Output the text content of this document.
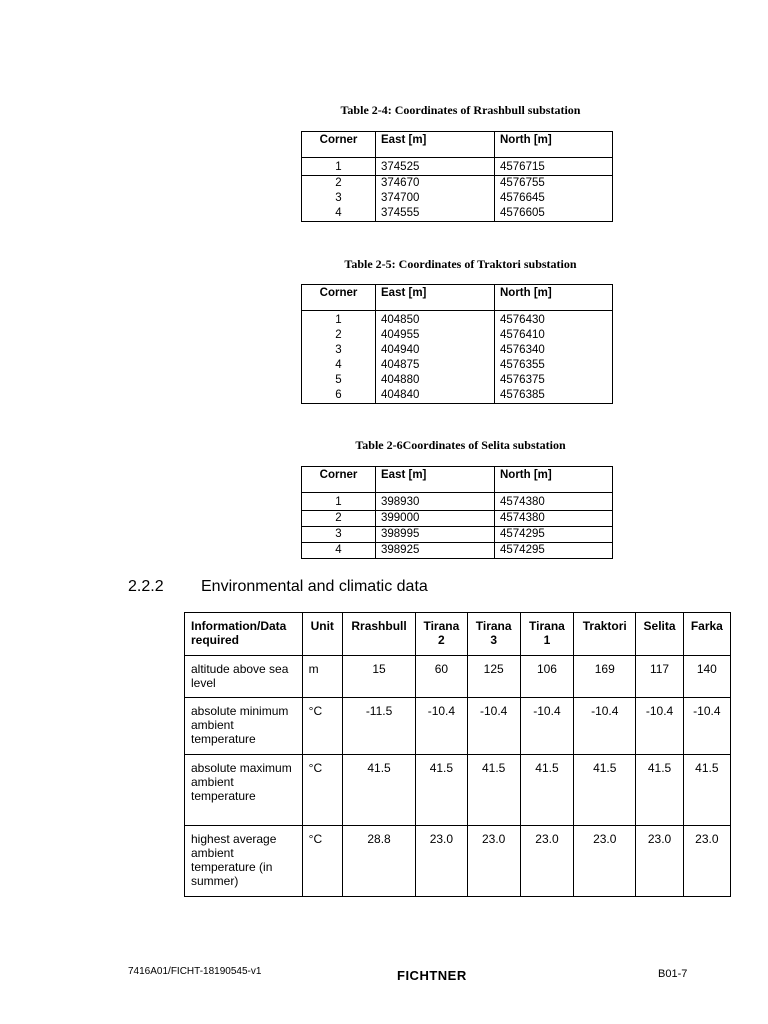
Table 2-4: Coordinates of Rrashbull substation
Corner	East [m]	North [m]

1	374525	4576715
2	374670	4576755
3	374700	4576645
4	374555	4576605
Table 2-5: Coordinates of Traktori substation
Corner	East [m]	North [m]

1	404850	4576430
2	404955	4576410
3	404940	4576340
4	404875	4576355
5	404880	4576375
6	404840	4576385
Table 2-6Coordinates of Selita substation
Corner	East [m]	North [m]

1	398930	4574380
2	399000	4574380
3	398995	4574295
4	398925	4574295
2.2.2 Environmental and climatic data
Information/Data required	Unit	Rrashbull	Tirana 2	Tirana 3	Tirana 1	Traktori	Selita	Farka
altitude above sea level	m	15	60	125	106	169	117	140
absolute minimum ambient temperature	°C	-11.5	-10.4	-10.4	-10.4	-10.4	-10.4	-10.4
absolute maximum ambient temperature	°C	41.5	41.5	41.5	41.5	41.5	41.5	41.5
highest average ambient temperature (in summer)	°C	28.8	23.0	23.0	23.0	23.0	23.0	23.0
7416A01/FICHT-18190545-v1	FICHTNER	B01-7
